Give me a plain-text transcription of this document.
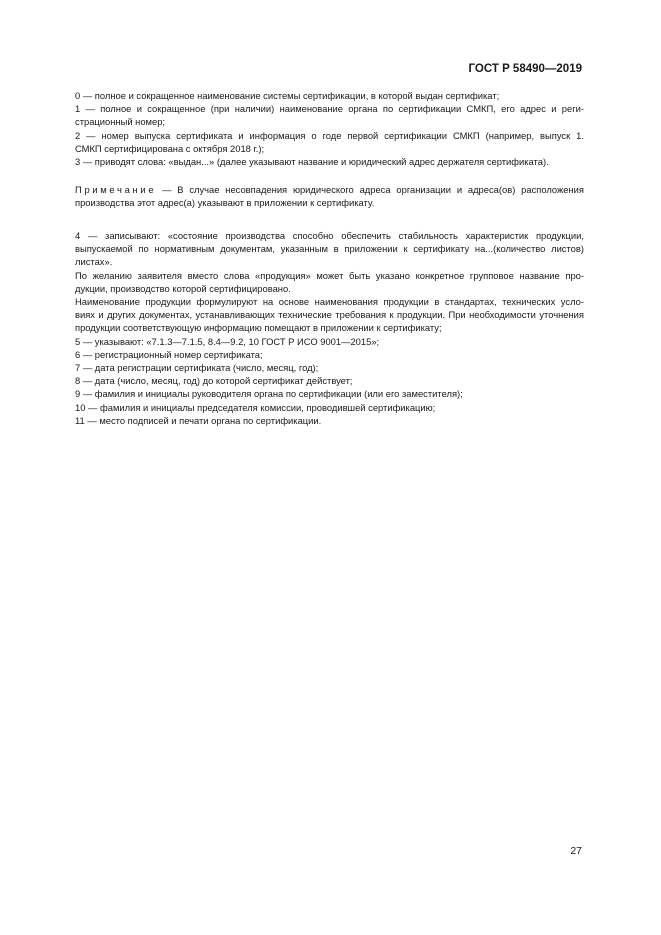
ГОСТ Р 58490—2019

0 — полное и сокращенное наименование системы сертификации, в которой выдан сертификат;

1 — полное и сокращенное (при наличии) наименование органа по сертификации СМКП, его адрес и реги-

страционный номер;

2 — номер выпуска сертификата и информация о годе первой сертификации СМКП (например, выпуск 1.

СМКП сертифицирована с октября 2018 г.);

3 — приводят слова: «выдан...» (далее указывают название и юридический адрес держателя сертификата).

Примечание — В случае несовпадения юридического адреса организации и адреса(ов) расположения

производства этот адрес(а) указывают в приложении к сертификату.

4 — записывают: «состояние производства способно обеспечить стабильность характеристик продукции,

выпускаемой по нормативным документам, указанным в приложении к сертификату на...(количество листов)

листах».

По желанию заявителя вместо слова «продукция» может быть указано конкретное групповое название про-

дукции, производство которой сертифицировано.

Наименование продукции формулируют на основе наименования продукции в стандартах, технических усло-

виях и других документах, устанавливающих технические требования к продукции. При необходимости уточнения

продукции соответствующую информацию помещают в приложении к сертификату;

5 — указывают: «7.1.3—7.1.5, 8.4—9.2, 10 ГОСТ Р ИСО 9001—2015»;

6 — регистрационный номер сертификата;

7 — дата регистрации сертификата (число, месяц, год);

8 — дата (число, месяц, год) до которой сертификат действует;

9 — фамилия и инициалы руководителя органа по сертификации (или его заместителя);

10 — фамилия и инициалы председателя комиссии, проводившей сертификацию;

11 — место подписей и печати органа по сертификации.

27
